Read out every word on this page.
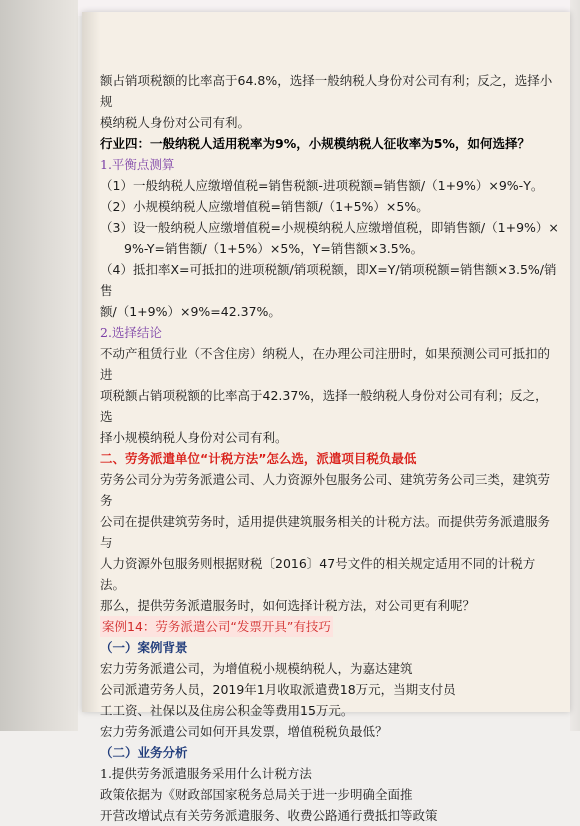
额占销项税额的比率高于64.8%，选择一般纳税人身份对公司有利；反之，选择小规

模纳税人身份对公司有利。

行业四：一般纳税人适用税率为9%，小规模纳税人征收率为5%，如何选择？

1.平衡点测算

（1）一般纳税人应缴增值税=销售税额-进项税额=销售额/（1+9%）×9%-Y。

（2）小规模纳税人应缴增值税=销售额/（1+5%）×5%。

（3）设一般纳税人应缴增值税=小规模纳税人应缴增值税，即销售额/（1+9%）×

9%-Y=销售额/（1+5%）×5%，Y=销售额×3.5%。

（4）抵扣率X=可抵扣的进项税额/销项税额，即X=Y/销项税额=销售额×3.5%/销售

额/（1+9%）×9%=42.37%。

2.选择结论

不动产租赁行业（不含住房）纳税人，在办理公司注册时，如果预测公司可抵扣的进

项税额占销项税额的比率高于42.37%，选择一般纳税人身份对公司有利；反之，选

择小规模纳税人身份对公司有利。

二、劳务派遣单位“计税方法”怎么选，派遣项目税负最低

劳务公司分为劳务派遣公司、人力资源外包服务公司、建筑劳务公司三类，建筑劳务

公司在提供建筑劳务时，适用提供建筑服务相关的计税方法。而提供劳务派遣服务与

人力资源外包服务则根据财税〔2016〕47号文件的相关规定适用不同的计税方法。

那么，提供劳务派遣服务时，如何选择计税方法，对公司更有利呢？

案例14：劳务派遣公司“发票开具”有技巧

（一）案例背景

宏力劳务派遣公司，为增值税小规模纳税人，为嘉达建筑

公司派遣劳务人员，2019年1月收取派遣费18万元，当期支付员

工工资、社保以及住房公积金等费用15万元。

宏力劳务派遣公司如何开具发票，增值税税负最低？

（二）业务分析

1.提供劳务派遣服务采用什么计税方法

政策依据为《财政部国家税务总局关于进一步明确全面推

开营改增试点有关劳务派遣服务、收费公路通行费抵扣等政策
